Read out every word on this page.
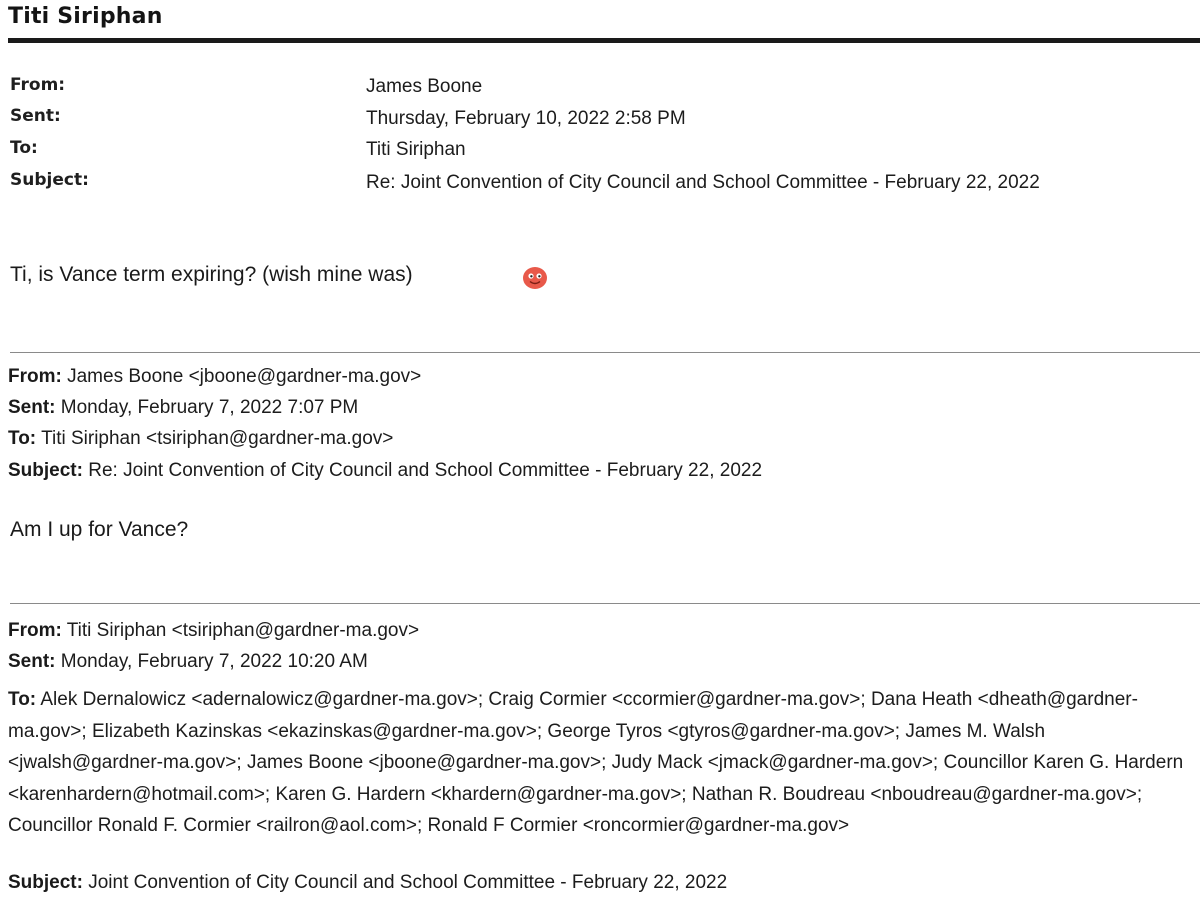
Titi Siriphan
From:	James Boone
Sent:	Thursday, February 10, 2022 2:58 PM
To:	Titi Siriphan
Subject:	Re: Joint Convention of City Council and School Committee - February 22, 2022
Ti, is Vance term expiring? (wish mine was)
From: James Boone <jboone@gardner-ma.gov>
Sent: Monday, February 7, 2022 7:07 PM
To: Titi Siriphan <tsiriphan@gardner-ma.gov>
Subject: Re: Joint Convention of City Council and School Committee - February 22, 2022
Am I up for Vance?
From: Titi Siriphan <tsiriphan@gardner-ma.gov>
Sent: Monday, February 7, 2022 10:20 AM
To: Alek Dernalowicz <adernalowicz@gardner-ma.gov>; Craig Cormier <ccormier@gardner-ma.gov>; Dana Heath <dheath@gardner-ma.gov>; Elizabeth Kazinskas <ekazinskas@gardner-ma.gov>; George Tyros <gtyros@gardner-ma.gov>; James M. Walsh <jwalsh@gardner-ma.gov>; James Boone <jboone@gardner-ma.gov>; Judy Mack <jmack@gardner-ma.gov>; Councillor Karen G. Hardern <karenhardern@hotmail.com>; Karen G. Hardern <khardern@gardner-ma.gov>; Nathan R. Boudreau <nboudreau@gardner-ma.gov>; Councillor Ronald F. Cormier <railron@aol.com>; Ronald F Cormier <roncormier@gardner-ma.gov>
Subject: Joint Convention of City Council and School Committee - February 22, 2022
